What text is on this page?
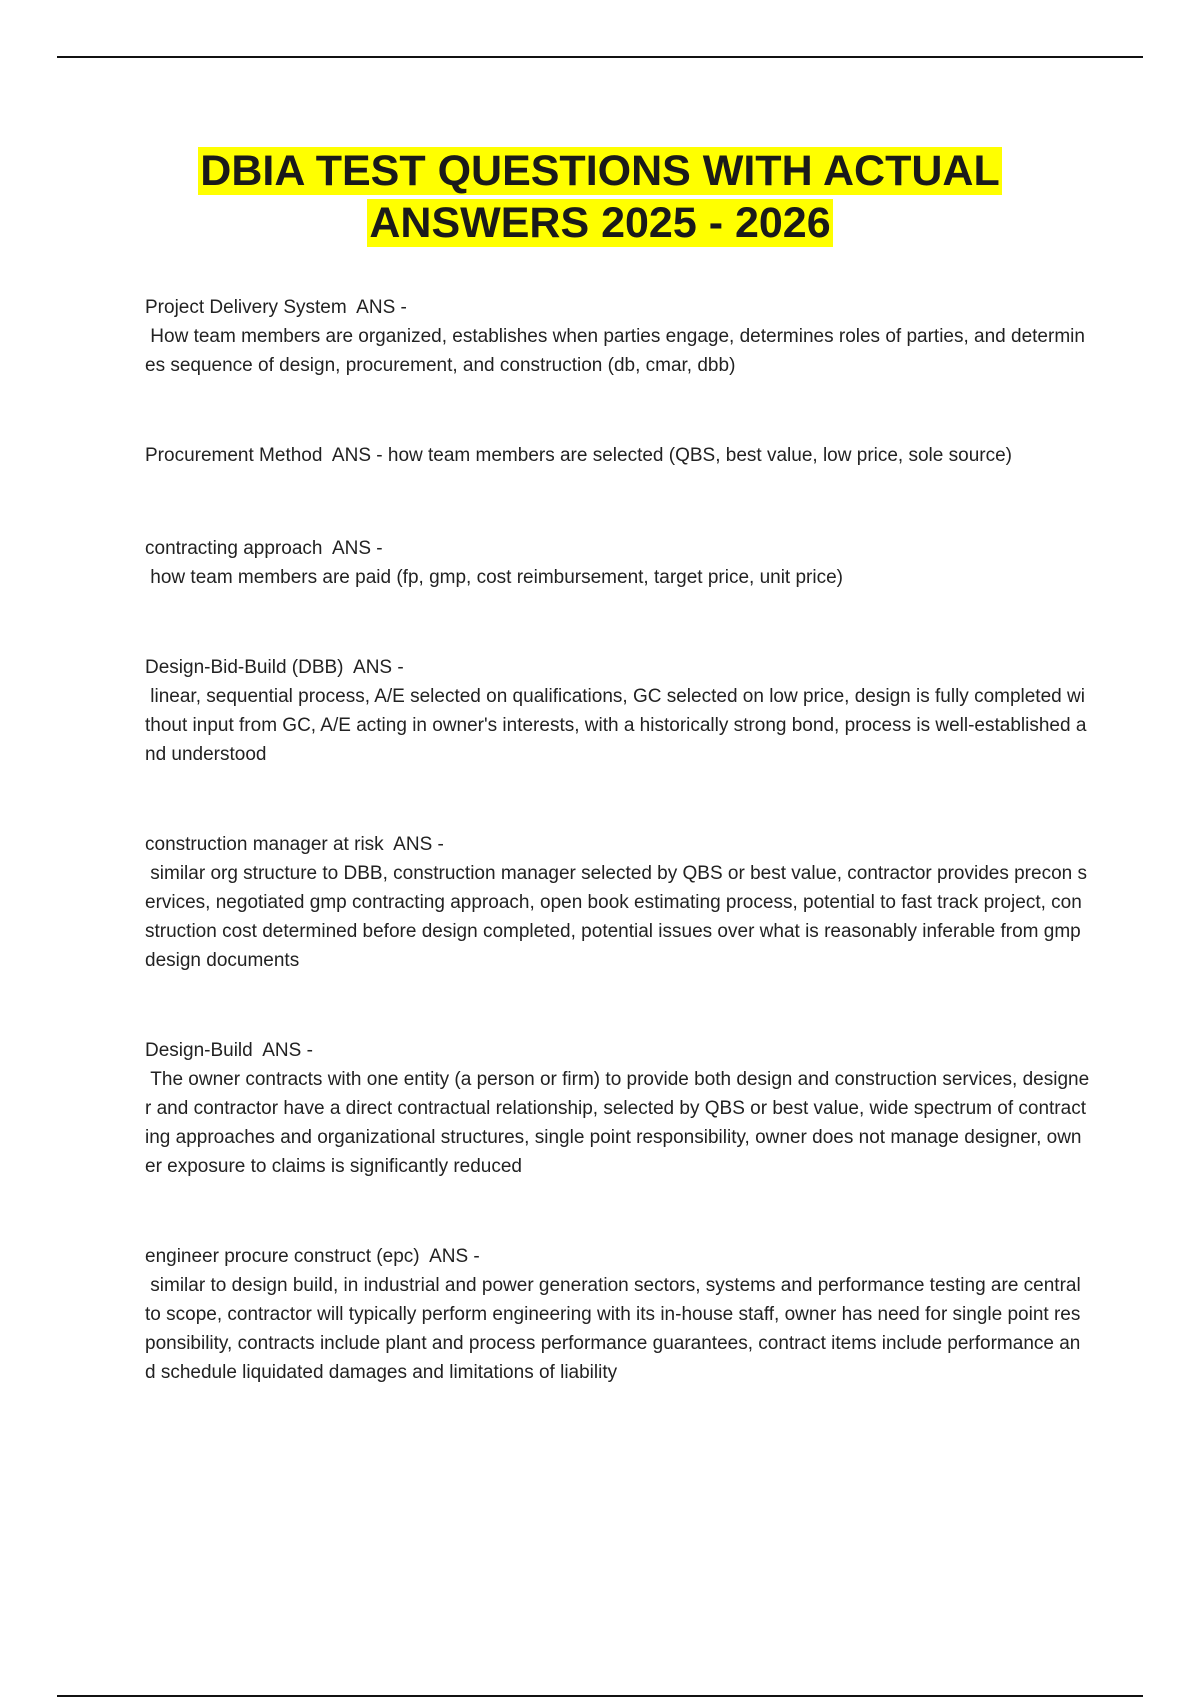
DBIA TEST QUESTIONS WITH ACTUAL
ANSWERS 2025 - 2026
Project Delivery System  ANS -
How team members are organized, establishes when parties engage, determines roles of parties, and determines sequence of design, procurement, and construction (db, cmar, dbb)
Procurement Method  ANS - how team members are selected (QBS, best value, low price, sole source)
contracting approach  ANS -
how team members are paid (fp, gmp, cost reimbursement, target price, unit price)
Design-Bid-Build (DBB)  ANS -
linear, sequential process, A/E selected on qualifications, GC selected on low price, design is fully completed without input from GC, A/E acting in owner's interests, with a historically strong bond, process is well-established and understood
construction manager at risk  ANS -
similar org structure to DBB, construction manager selected by QBS or best value, contractor provides precon services, negotiated gmp contracting approach, open book estimating process, potential to fast track project, construction cost determined before design completed, potential issues over what is reasonably inferable from gmp design documents
Design-Build  ANS -
The owner contracts with one entity (a person or firm) to provide both design and construction services, designer and contractor have a direct contractual relationship, selected by QBS or best value, wide spectrum of contracting approaches and organizational structures, single point responsibility, owner does not manage designer, owner exposure to claims is significantly reduced
engineer procure construct (epc)  ANS -
similar to design build, in industrial and power generation sectors, systems and performance testing are central to scope, contractor will typically perform engineering with its in-house staff, owner has need for single point responsibility, contracts include plant and process performance guarantees, contract items include performance and schedule liquidated damages and limitations of liability
